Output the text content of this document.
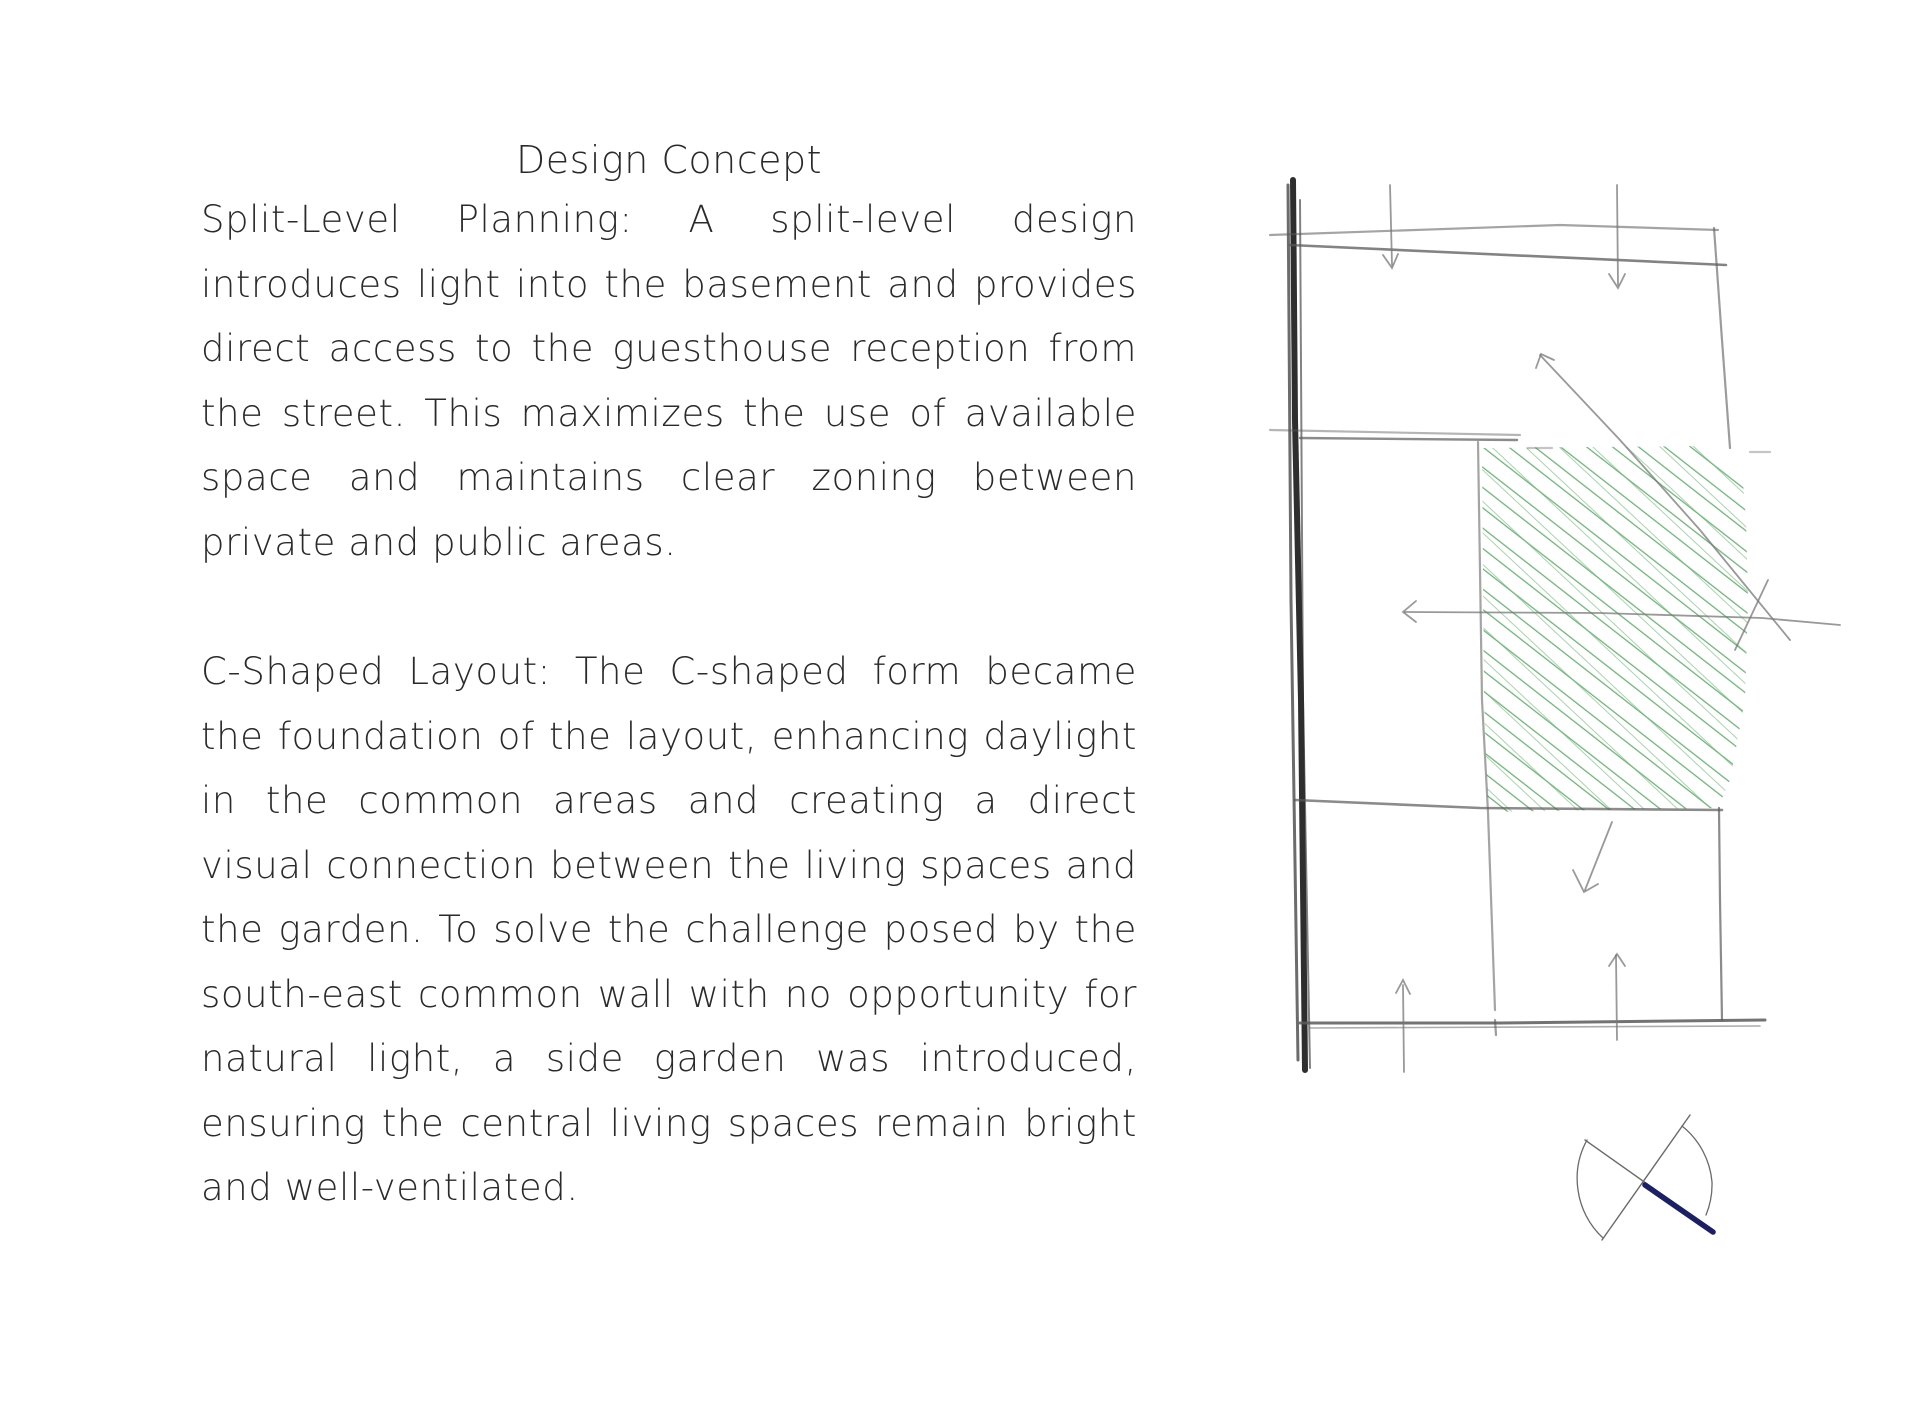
Design Concept

Split-Level Planning: A split-level design introduces light into the basement and provides direct access to the guesthouse reception from the street. This maximizes the use of available space and maintains clear zoning between private and public areas.

C-Shaped Layout: The C-shaped form became the foundation of the layout, enhancing daylight in the common areas and creating a direct visual connection between the living spaces and the garden. To solve the challenge posed by the south-east common wall with no opportunity for natural light, a side garden was introduced, ensuring the central living spaces remain bright and well-ventilated.
